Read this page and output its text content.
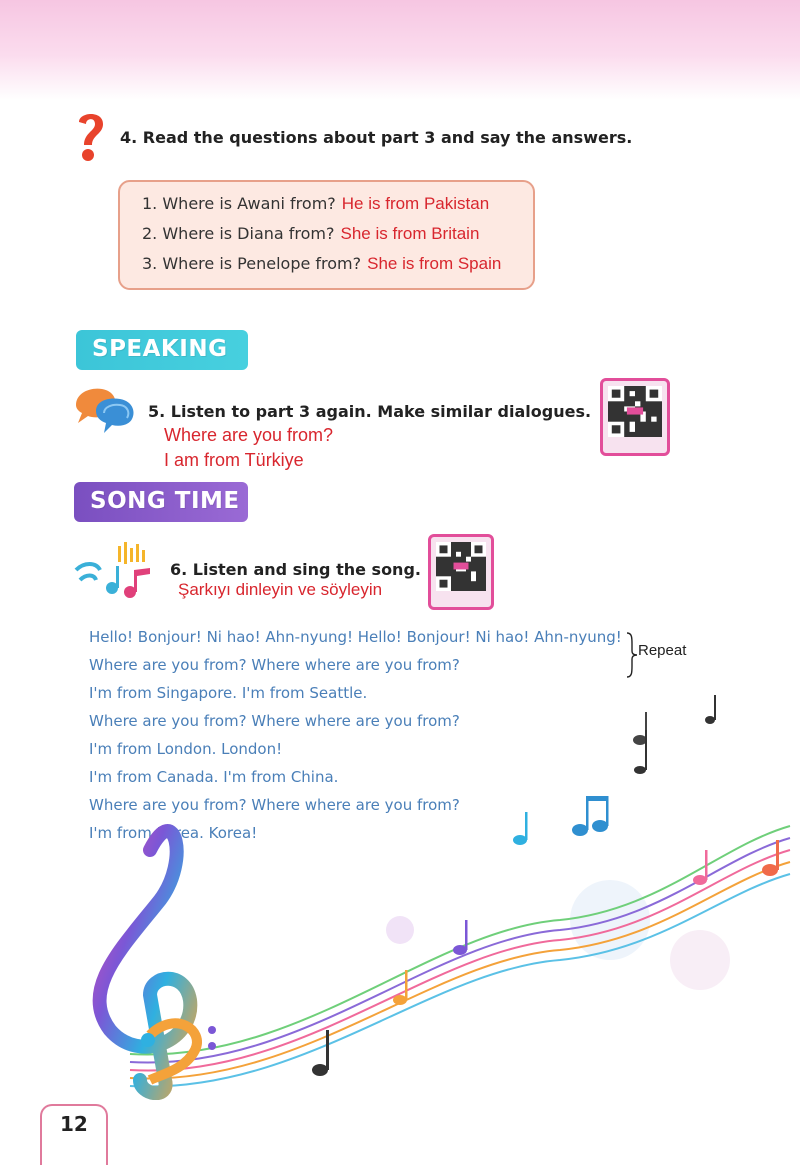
4. Read the questions about part 3 and say the answers.
1. Where is Awani from? He is from Pakistan
2. Where is Diana from? She is from Britain
3. Where is Penelope from? She is from Spain
SPEAKING
5. Listen to part 3 again. Make similar dialogues.
Where are you from?
I am from Türkiye
SONG TIME
6. Listen and sing the song.
Şarkıyı dinleyin ve söyleyin
Hello! Bonjour! Ni hao! Ahn-nyung! Hello! Bonjour! Ni hao! Ahn-nyung!
Where are you from? Where where are you from?
I'm from Singapore. I'm from Seattle.
Where are you from? Where where are you from?
I'm from London. London!
I'm from Canada. I'm from China.
Where are you from? Where where are you from?
I'm from Korea. Korea!
Repeat
12
